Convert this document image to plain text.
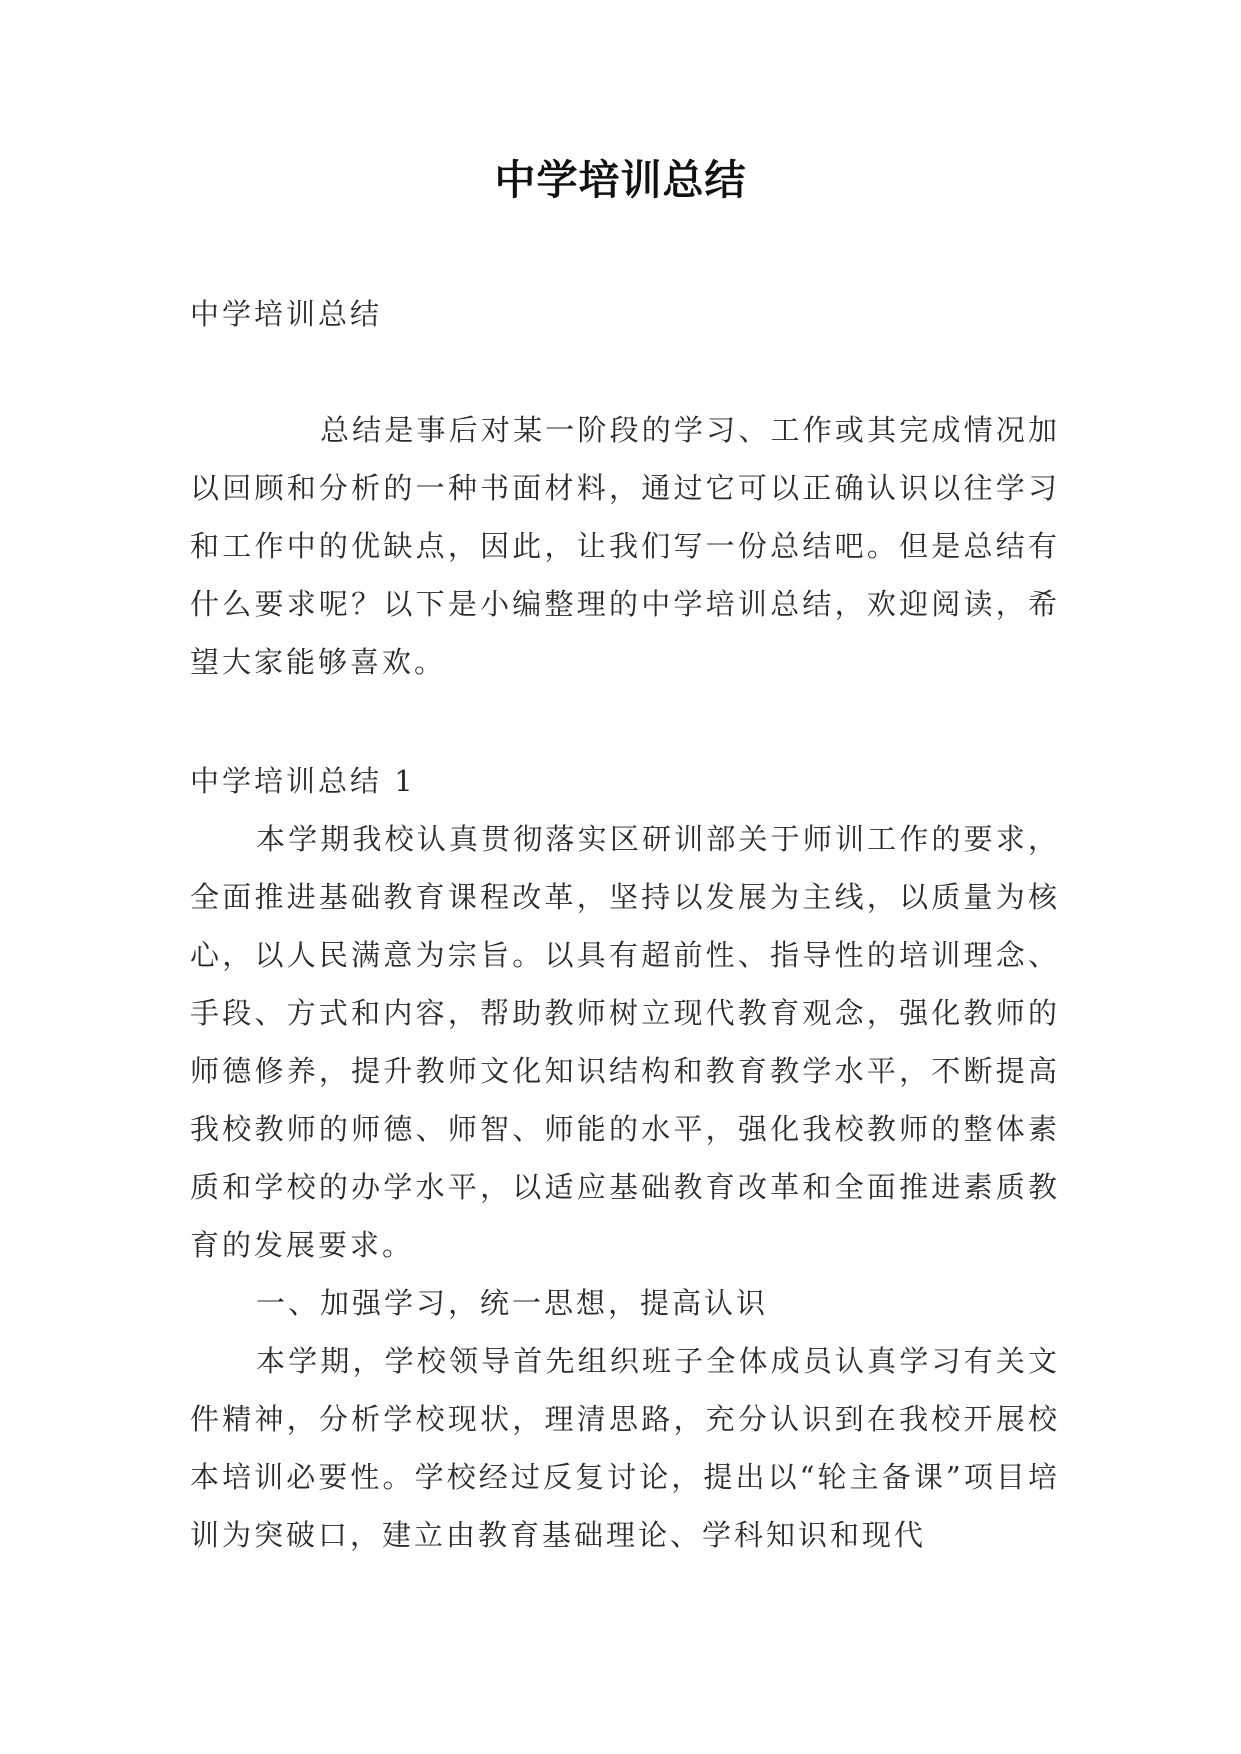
中学培训总结

中学培训总结

总结是事后对某一阶段的学习、工作或其完成情况加以回顾和分析的一种书面材料，通过它可以正确认识以往学习和工作中的优缺点，因此，让我们写一份总结吧。但是总结有什么要求呢？以下是小编整理的中学培训总结，欢迎阅读，希望大家能够喜欢。

中学培训总结 1

本学期我校认真贯彻落实区研训部关于师训工作的要求，全面推进基础教育课程改革，坚持以发展为主线，以质量为核心，以人民满意为宗旨。以具有超前性、指导性的培训理念、手段、方式和内容，帮助教师树立现代教育观念，强化教师的师德修养，提升教师文化知识结构和教育教学水平，不断提高我校教师的师德、师智、师能的水平，强化我校教师的整体素质和学校的办学水平，以适应基础教育改革和全面推进素质教育的发展要求。

一、加强学习，统一思想，提高认识

本学期，学校领导首先组织班子全体成员认真学习有关文件精神，分析学校现状，理清思路，充分认识到在我校开展校本培训必要性。学校经过反复讨论，提出以“轮主备课”项目培训为突破口，建立由教育基础理论、学科知识和现代
